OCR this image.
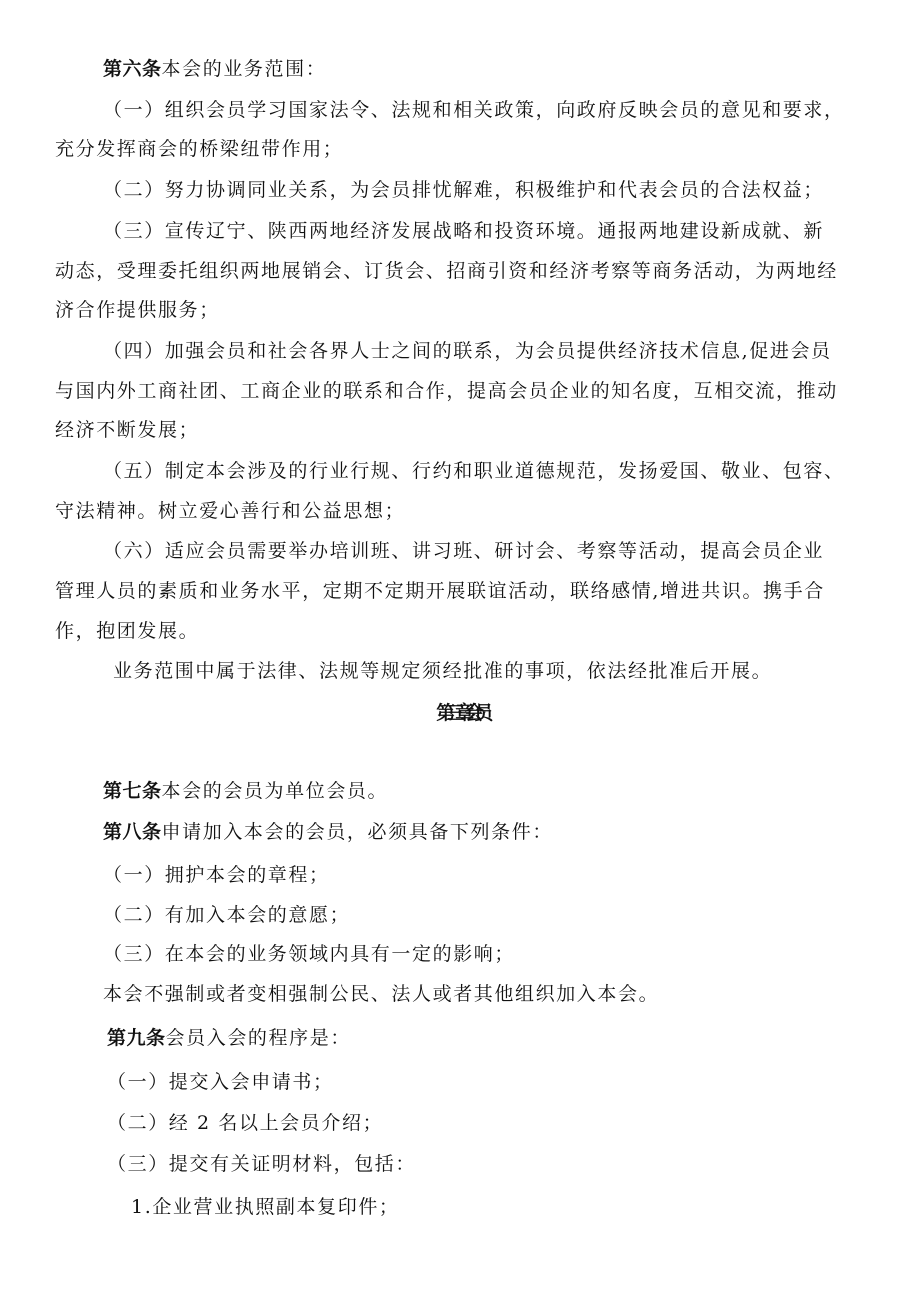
第六条本会的业务范围：
（一）组织会员学习国家法令、法规和相关政策，向政府反映会员的意见和要求，
充分发挥商会的桥梁纽带作用；
（二）努力协调同业关系，为会员排忧解难，积极维护和代表会员的合法权益；
（三）宣传辽宁、陕西两地经济发展战略和投资环境。通报两地建设新成就、新
动态，受理委托组织两地展销会、订货会、招商引资和经济考察等商务活动，为两地经
济合作提供服务；
（四）加强会员和社会各界人士之间的联系，为会员提供经济技术信息,促进会员
与国内外工商社团、工商企业的联系和合作，提高会员企业的知名度，互相交流，推动
经济不断发展；
（五）制定本会涉及的行业行规、行约和职业道德规范，发扬爱国、敬业、包容、
守法精神。树立爱心善行和公益思想；
（六）适应会员需要举办培训班、讲习班、研讨会、考察等活动，提高会员企业
管理人员的素质和业务水平，定期不定期开展联谊活动，联络感情,增进共识。携手合
作，抱团发展。
业务范围中属于法律、法规等规定须经批准的事项，依法经批准后开展。
第三章会员
第七条本会的会员为单位会员。
第八条申请加入本会的会员，必须具备下列条件：
（一）拥护本会的章程；
（二）有加入本会的意愿；
（三）在本会的业务领域内具有一定的影响；
本会不强制或者变相强制公民、法人或者其他组织加入本会。
第九条会员入会的程序是：
（一）提交入会申请书；
（二）经 2 名以上会员介绍；
（三）提交有关证明材料，包括：
1.企业营业执照副本复印件；
